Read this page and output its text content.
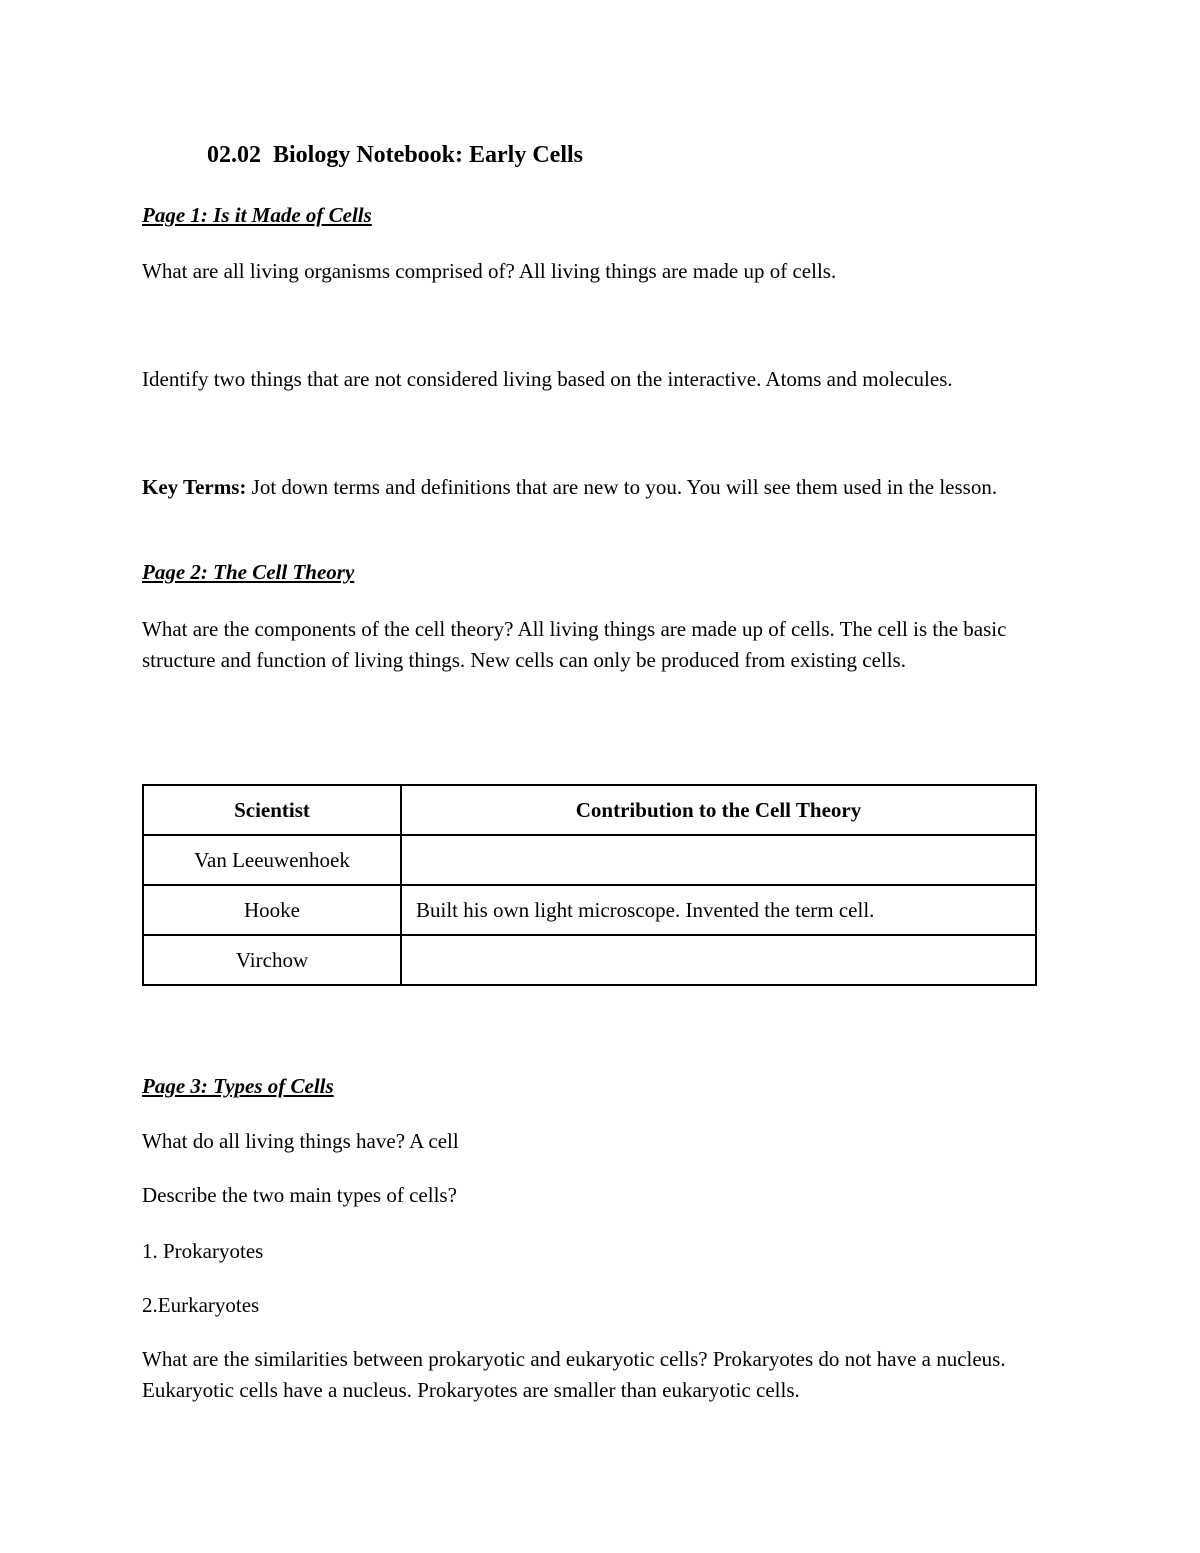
02.02  Biology Notebook: Early Cells
Page 1: Is it Made of Cells
What are all living organisms comprised of? All living things are made up of cells.
Identify two things that are not considered living based on the interactive. Atoms and molecules.
Key Terms: Jot down terms and definitions that are new to you. You will see them used in the lesson.
Page 2: The Cell Theory
What are the components of the cell theory? All living things are made up of cells. The cell is the basic structure and function of living things. New cells can only be produced from existing cells.
Scientist	Contribution to the Cell Theory
Van Leeuwenhoek	
Hooke	Built his own light microscope. Invented the term cell.
Virchow	
Page 3: Types of Cells
What do all living things have? A cell
Describe the two main types of cells?
1. Prokaryotes
2.Eurkaryotes
What are the similarities between prokaryotic and eukaryotic cells? Prokaryotes do not have a nucleus. Eukaryotic cells have a nucleus. Prokaryotes are smaller than eukaryotic cells.
